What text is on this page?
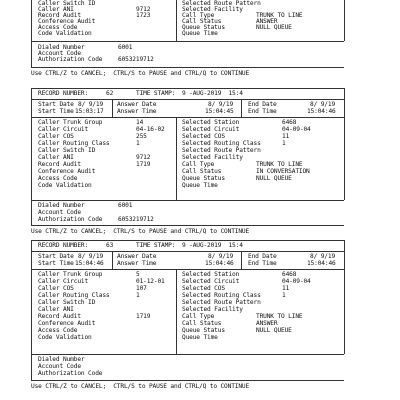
Caller Switch ID
Caller ANI	9712
Record Audit	1723
Conference Audit
Access Code
Code Validation
Selected Route Pattern
Selected Facility
Call Type	TRUNK TO LINE
Call Status	ANSWER
Queue Status	NULL QUEUE
Queue Time
Dialed Number	6001
Account Code
Authorization Code	6053219712
Use CTRL/Z to CANCEL;  CTRL/S to PAUSE and CTRL/Q to CONTINUE
RECORD NUMBER:	62	TIME STAMP: 9 -AUG-2019  15:4
Start Date 8/ 9/19
Start Time 15:03:17
Answer Date	8/ 9/19
Answer Time	15:04:45
End Date	8/ 9/19
End Time	15:04:46
Caller Trunk Group	14
Caller Circuit	04-16-02
Caller COS	255
Caller Routing Class	1
Caller Switch ID
Caller ANI	9712
Record Audit	1719
Conference Audit
Access Code
Code Validation
Selected Station	6468
Selected Circuit	04-09-04
Selected COS	11
Selected Routing Class	1
Selected Route Pattern
Selected Facility
Call Type	TRUNK TO LINE
Call Status	IN CONVERSATION
Queue Status	NULL QUEUE
Queue Time
Dialed Number	6001
Account Code
Authorization Code	6053219712
Use CTRL/Z to CANCEL;  CTRL/S to PAUSE and CTRL/Q to CONTINUE
RECORD NUMBER:	63	TIME STAMP: 9 -AUG-2019  15:4
Start Date 8/ 9/19
Start Time 15:04:46
Answer Date	8/ 9/19
Answer Time	15:04:46
End Date	8/ 9/19
End Time	15:04:46
Caller Trunk Group	5
Caller Circuit	01-12-01
Caller COS	107
Caller Routing Class	1
Caller Switch ID
Caller ANI
Record Audit	1719
Conference Audit
Access Code
Code Validation
Selected Station	6468
Selected Circuit	04-09-04
Selected COS	11
Selected Routing Class	1
Selected Route Pattern
Selected Facility
Call Type	TRUNK TO LINE
Call Status	ANSWER
Queue Status	NULL QUEUE
Queue Time
Dialed Number
Account Code
Authorization Code
Use CTRL/Z to CANCEL;  CTRL/S to PAUSE and CTRL/Q to CONTINUE
